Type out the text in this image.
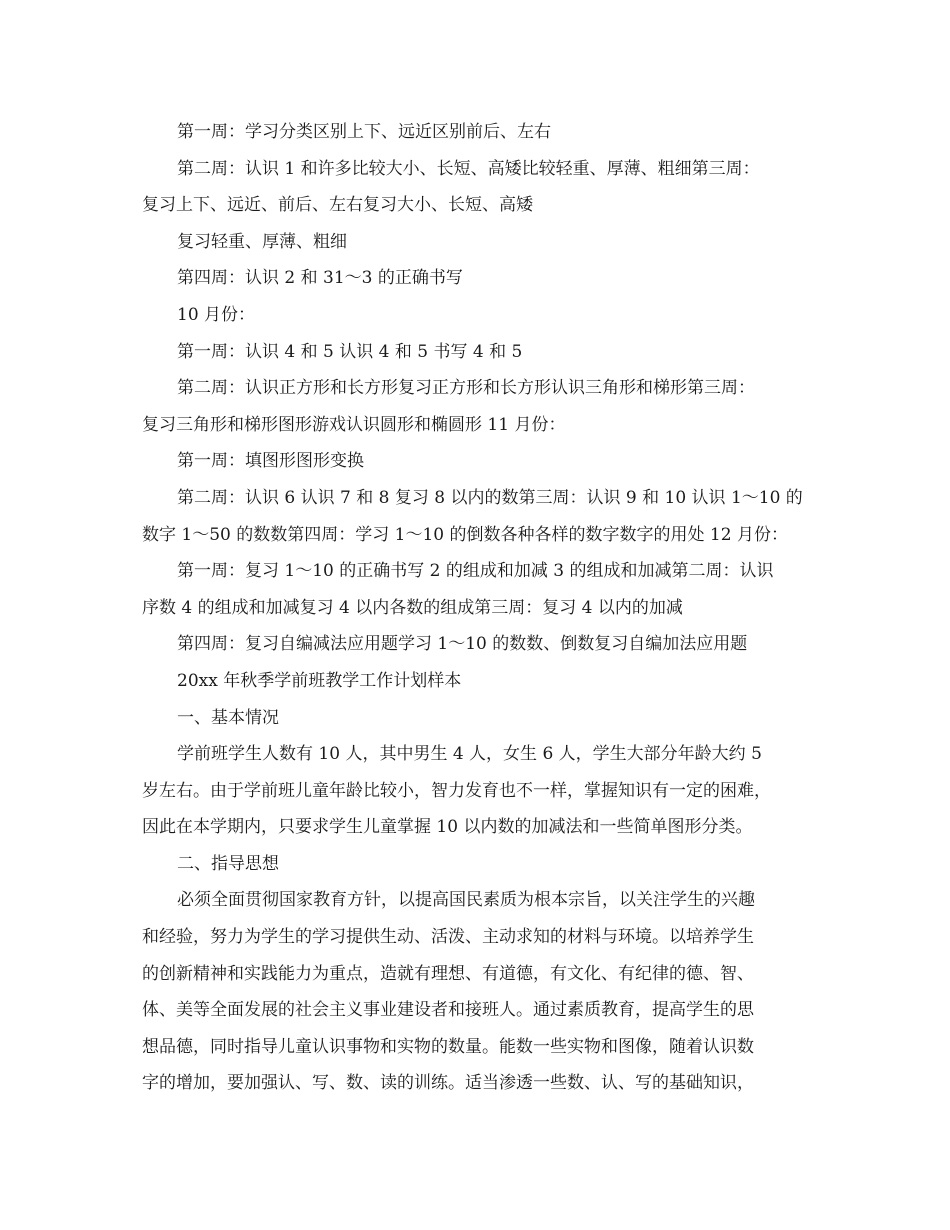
第一周：学习分类区别上下、远近区别前后、左右
第二周：认识 1 和许多比较大小、长短、高矮比较轻重、厚薄、粗细第三周：
复习上下、远近、前后、左右复习大小、长短、高矮
复习轻重、厚薄、粗细
第四周：认识 2 和 31～3 的正确书写
10 月份：
第一周：认识 4 和 5 认识 4 和 5 书写 4 和 5
第二周：认识正方形和长方形复习正方形和长方形认识三角形和梯形第三周：
复习三角形和梯形图形游戏认识圆形和椭圆形 11 月份：
第一周：填图形图形变换
第二周：认识 6 认识 7 和 8 复习 8 以内的数第三周：认识 9 和 10 认识 1～10 的
数字 1～50 的数数第四周：学习 1～10 的倒数各种各样的数字数字的用处 12 月份：
第一周：复习 1～10 的正确书写 2 的组成和加减 3 的组成和加减第二周：认识
序数 4 的组成和加减复习 4 以内各数的组成第三周：复习 4 以内的加减
第四周：复习自编减法应用题学习 1～10 的数数、倒数复习自编加法应用题
20xx 年秋季学前班教学工作计划样本
一、基本情况
学前班学生人数有 10 人，其中男生 4 人，女生 6 人，学生大部分年龄大约 5
岁左右。由于学前班儿童年龄比较小，智力发育也不一样，掌握知识有一定的困难，
因此在本学期内，只要求学生儿童掌握 10 以内数的加减法和一些简单图形分类。
二、指导思想
必须全面贯彻国家教育方针，以提高国民素质为根本宗旨，以关注学生的兴趣
和经验，努力为学生的学习提供生动、活泼、主动求知的材料与环境。以培养学生
的创新精神和实践能力为重点，造就有理想、有道德，有文化、有纪律的德、智、
体、美等全面发展的社会主义事业建设者和接班人。通过素质教育，提高学生的思
想品德，同时指导儿童认识事物和实物的数量。能数一些实物和图像，随着认识数
字的增加，要加强认、写、数、读的训练。适当渗透一些数、认、写的基础知识，
